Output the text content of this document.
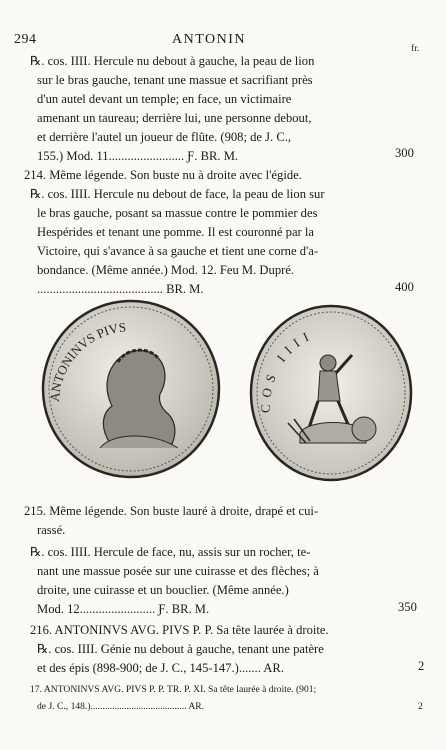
294	ANTONIN
fr.
℞. cos. IIII. Hercule nu debout à gauche, la peau de lion
sur le bras gauche, tenant une massue et sacrifiant près
d'un autel devant un temple; en face, un victimaire
amenant un taureau; derrière lui, une personne debout,
et derrière l'autel un joueur de flûte. (908; de J. C.,
155.) Mod. 11........................ Ƒ. BR. M.	300
214. Même légende. Son buste nu à droite avec l'égide.
℞. cos. IIII. Hercule nu debout de face, la peau de lion sur
le bras gauche, posant sa massue contre le pommier des
Hespérides et tenant une pomme. Il est couronné par la
Victoire, qui s'avance à sa gauche et tient une corne d'a-
bondance. (Même année.) Mod. 12. Feu M. Dupré.
........................................ BR. M.	400
ANTONINVS PIVS
COS IIII
215. Même légende. Son buste lauré à droite, drapé et cui-
rassé.
℞. cos. IIII. Hercule de face, nu, assis sur un rocher, te-
nant une massue posée sur une cuirasse et des flèches; à
droite, une cuirasse et un bouclier. (Même année.)
Mod. 12........................ Ƒ. BR. M.	350
216. ANTONINVS AVG. PIVS P. P. Sa tête laurée à droite.
℞. cos. IIII. Génie nu debout à gauche, tenant une patère
et des épis (898-900; de J. C., 145-147.)....... AR.	2
17. ANTONINVS AVG. PIVS P. P. TR. P. XI. Sa tête laurée à droite. (901;
de J. C., 148.)........................................ AR.	2
